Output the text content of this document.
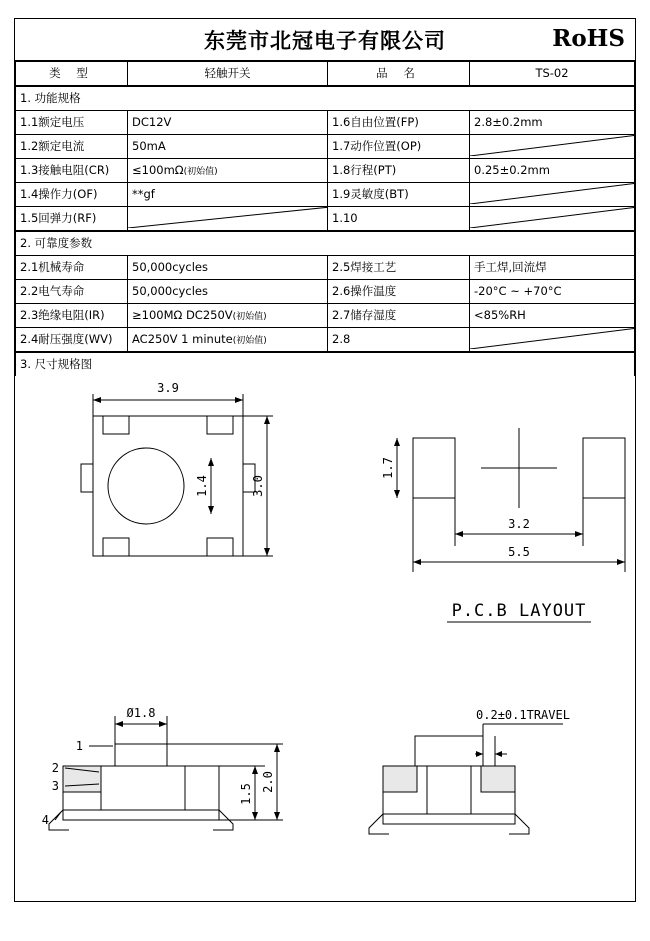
东莞市北冠电子有限公司	RoHS
类 型	轻触开关	品 名	TS-02
1. 功能规格			
1.1额定电压	DC12V	1.6自由位置(FP)	2.8±0.2mm
1.2额定电流	50mA	1.7动作位置(OP)	

1.3接触电阻(CR)	≤100mΩ(初始值)	1.8行程(PT)	0.25±0.2mm
1.4操作力(OF)	**gf	1.9灵敏度(BT)	

1.5回弹力(RF)		1.10	
2. 可靠度参数			
2.1机械寿命	50,000cycles	2.5焊接工艺	手工焊,回流焊
2.2电气寿命	50,000cycles	2.6操作温度	-20°C ~ +70°C
2.3绝缘电阻(IR)	≥100MΩ DC250V(初始值)	2.7储存湿度	<85%RH
2.4耐压强度(WV)	AC250V 1 minute(初始值)	2.8	
3. 尺寸规格图
3.9
1.4	3.0
1.7
3.2
5.5
P.C.B LAYOUT
Ø1.8
1
2
3
4
1.5
2.0
0.2±0.1TRAVEL
